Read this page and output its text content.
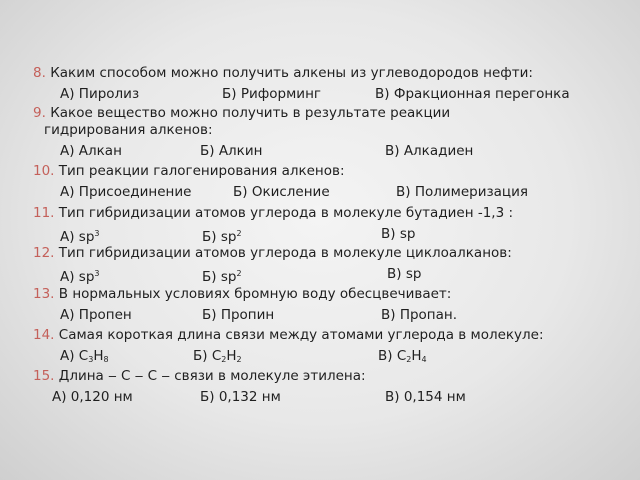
8. Каким способом можно получить алкены из углеводородов нефти:
А) Пиролиз	Б) Риформинг	В) Фракционная перегонка
9. Какое вещество можно получить в результате реакции
гидрирования алкенов:
А) Алкан	Б) Алкин	В) Алкадиен
10. Тип реакции галогенирования алкенов:
А) Присоединение	Б) Окисление	В) Полимеризация
11. Тип гибридизации атомов углерода в молекуле бутадиен -1,3 :
А) $sp^3$	Б) $sp^2$	В) sp
12. Тип гибридизации атомов углерода в молекуле циклоалканов:
А) $sp^3$	Б) $sp^2$	В) sp
13. В нормальных условиях бромную воду обесцвечивает:
А) Пропен	Б) Пропин	В) Пропан.
14. Самая короткая длина связи между атомами углерода в молекуле:
А) $C_3H_8$	Б) $C_2H_2$	В) $C_2H_4$
15. Длина ‒ С ‒ С ‒ связи в молекуле этилена:
А) 0,120 нм	Б) 0,132 нм	В) 0,154 нм
